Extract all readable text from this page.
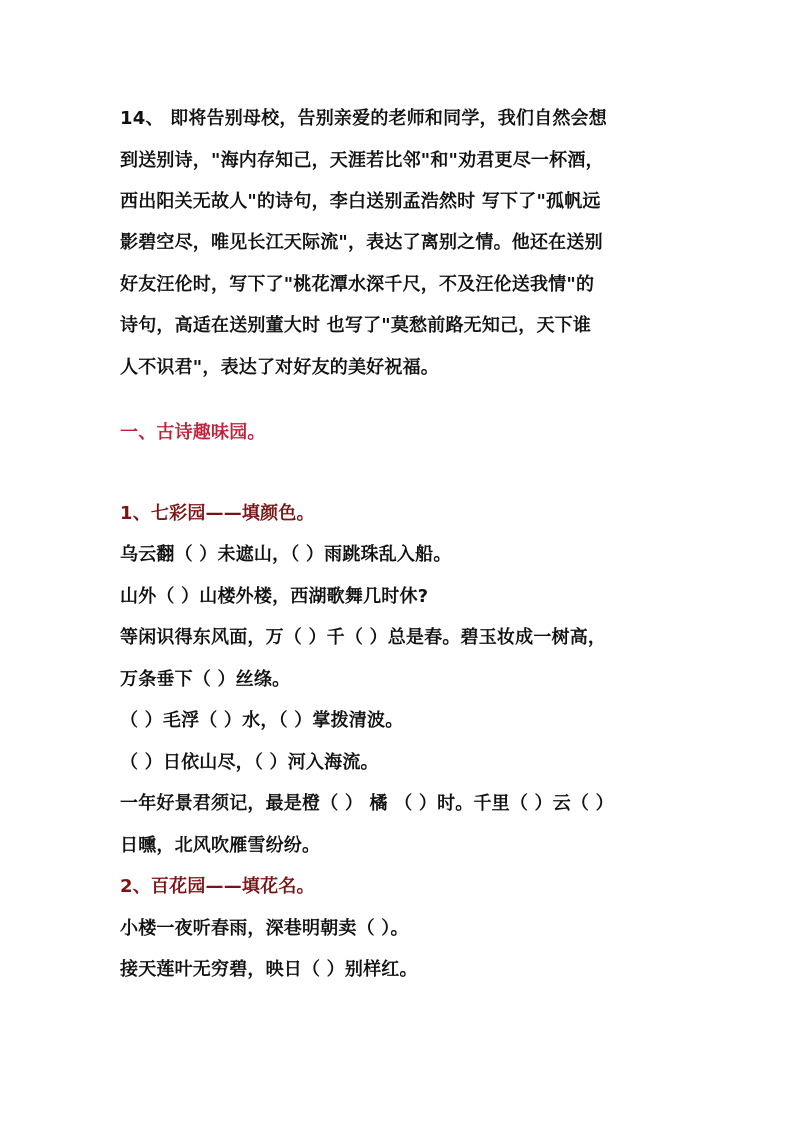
14、 即将告别母校，告别亲爱的老师和同学，我们自然会想
到送别诗，"海内存知己，天涯若比邻"和"劝君更尽一杯酒，
西出阳关无故人"的诗句，李白送别孟浩然时 写下了"孤帆远
影碧空尽，唯见长江天际流"，表达了离别之情。他还在送别
好友汪伦时，写下了"桃花潭水深千尺，不及汪伦送我情"的
诗句，高适在送别董大时 也写了"莫愁前路无知己，天下谁
人不识君"，表达了对好友的美好祝福。
一、古诗趣味园。
1、七彩园——填颜色。
乌云翻（ ）未遮山，（ ）雨跳珠乱入船。
山外（ ）山楼外楼，西湖歌舞几时休?
等闲识得东风面，万（ ）千（ ）总是春。碧玉妆成一树高，
万条垂下（ ）丝绦。
（ ）毛浮（ ）水，（ ）掌拨清波。
（ ）日依山尽，（ ）河入海流。
一年好景君须记，最是橙（ ） 橘 （ ）时。千里（ ）云（ ）
日曛，北风吹雁雪纷纷。
2、百花园——填花名。
小楼一夜听春雨，深巷明朝卖（ ）。
接天莲叶无穷碧，映日（ ）别样红。
